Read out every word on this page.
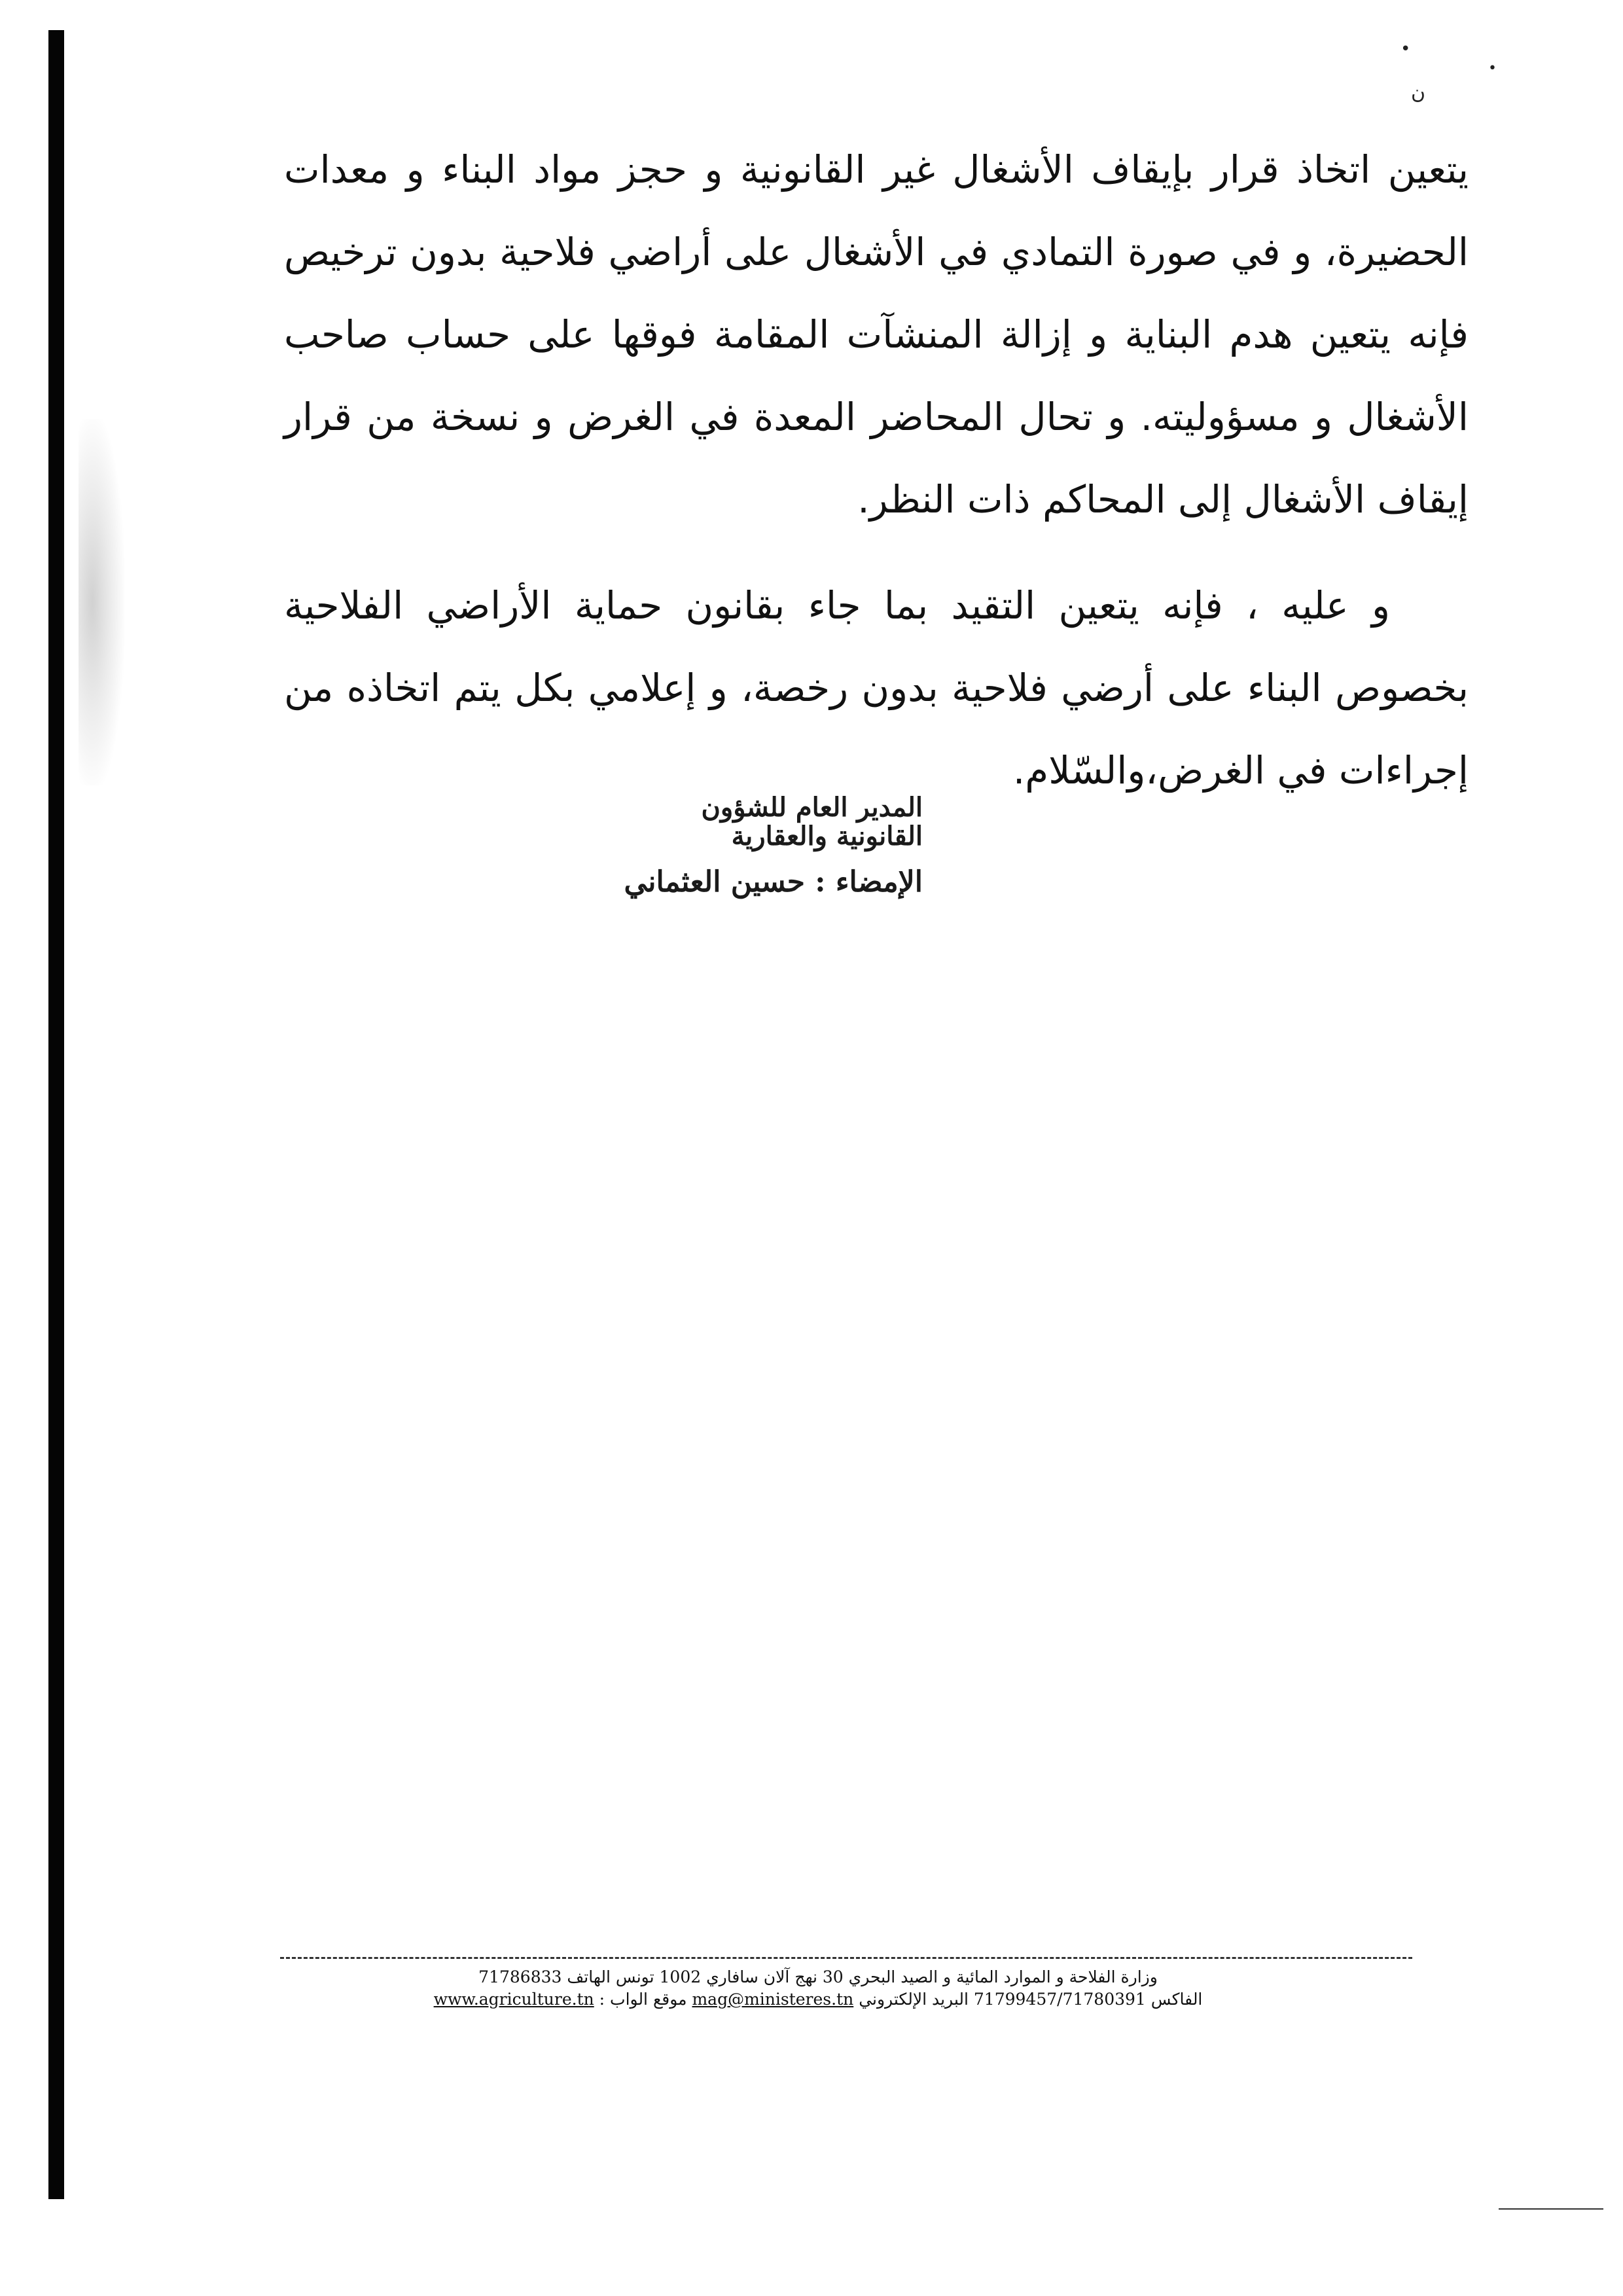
•
ن
•

يتعين اتخاذ قرار بإيقاف الأشغال غير القانونية و حجز مواد البناء و معدات الحضيرة، و في صورة التمادي في الأشغال على أراضي فلاحية بدون ترخيص فإنه يتعين هدم البناية و إزالة المنشآت المقامة فوقها على حساب صاحب الأشغال و مسؤوليته. و تحال المحاضر المعدة في الغرض و نسخة من قرار إيقاف الأشغال إلى المحاكم ذات النظر.

و عليه ، فإنه يتعين التقيد بما جاء بقانون حماية الأراضي الفلاحية بخصوص البناء على أرضي فلاحية بدون رخصة، و إعلامي بكل يتم اتخاذه من إجراءات في الغرض،والسّلام.

المدير العام للشؤون
القانونية والعقارية
الإمضاء : حسين العثماني
وزارة الفلاحة و الموارد المائية و الصيد البحري 30 نهج آلان سافاري 1002 تونس الهاتف 71786833
الفاكس 71799457/71780391 البريد الإلكتروني mag@ministeres.tn موقع الواب : www.agriculture.tn
